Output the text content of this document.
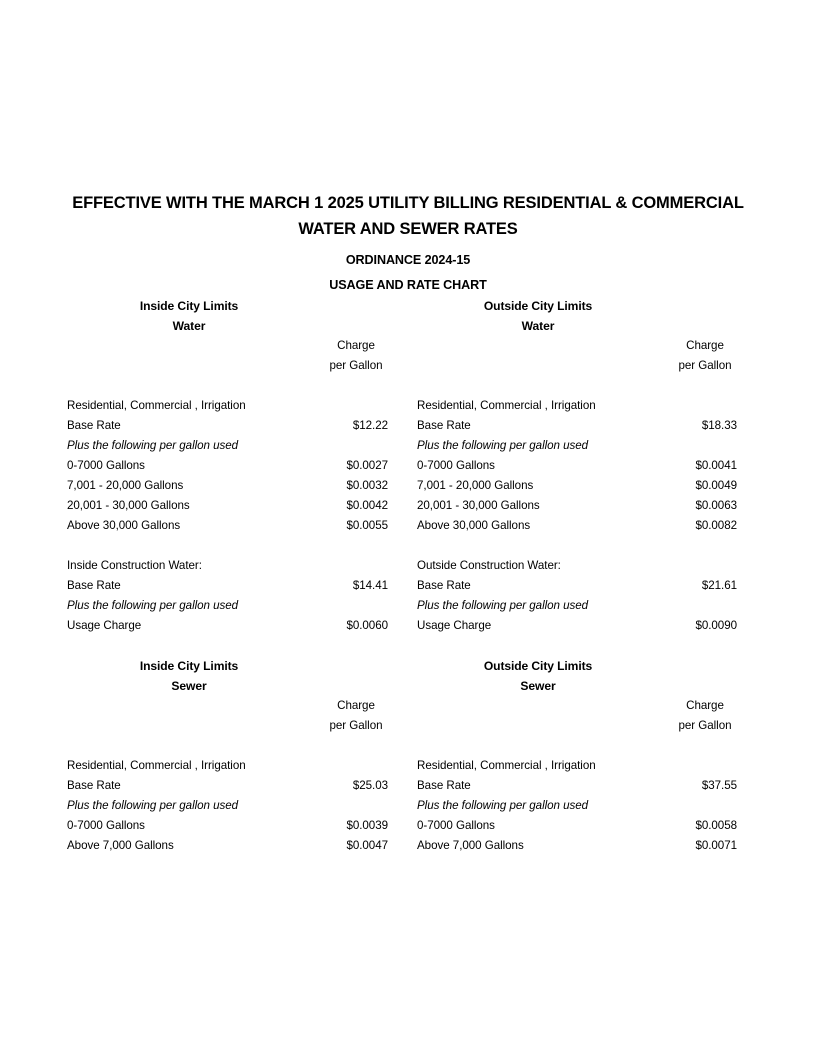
EFFECTIVE WITH THE MARCH 1 2025 UTILITY BILLING RESIDENTIAL & COMMERCIAL
WATER AND SEWER RATES
ORDINANCE 2024-15
USAGE AND RATE CHART
Inside City Limits
Water
Outside City Limits
Water
Charge
per Gallon
Charge
per Gallon
Residential, Commercial , Irrigation	Residential, Commercial , Irrigation
Base Rate	$12.22	Base Rate	$18.33
Plus the following per gallon used	Plus the following per gallon used
0-7000 Gallons	$0.0027	0-7000 Gallons	$0.0041
7,001 - 20,000 Gallons	$0.0032	7,001 - 20,000 Gallons	$0.0049
20,001 - 30,000 Gallons	$0.0042	20,001 - 30,000 Gallons	$0.0063
Above 30,000 Gallons	$0.0055	Above 30,000 Gallons	$0.0082
Inside Construction Water:	Outside Construction Water:
Base Rate	$14.41	Base Rate	$21.61
Plus the following per gallon used	Plus the following per gallon used
Usage Charge	$0.0060	Usage Charge	$0.0090
Inside City Limits
Sewer
Outside City Limits
Sewer
Charge
per Gallon
Charge
per Gallon
Residential, Commercial , Irrigation	Residential, Commercial , Irrigation
Base Rate	$25.03	Base Rate	$37.55
Plus the following per gallon used	Plus the following per gallon used
0-7000 Gallons	$0.0039	0-7000 Gallons	$0.0058
Above 7,000 Gallons	$0.0047	Above 7,000 Gallons	$0.0071
